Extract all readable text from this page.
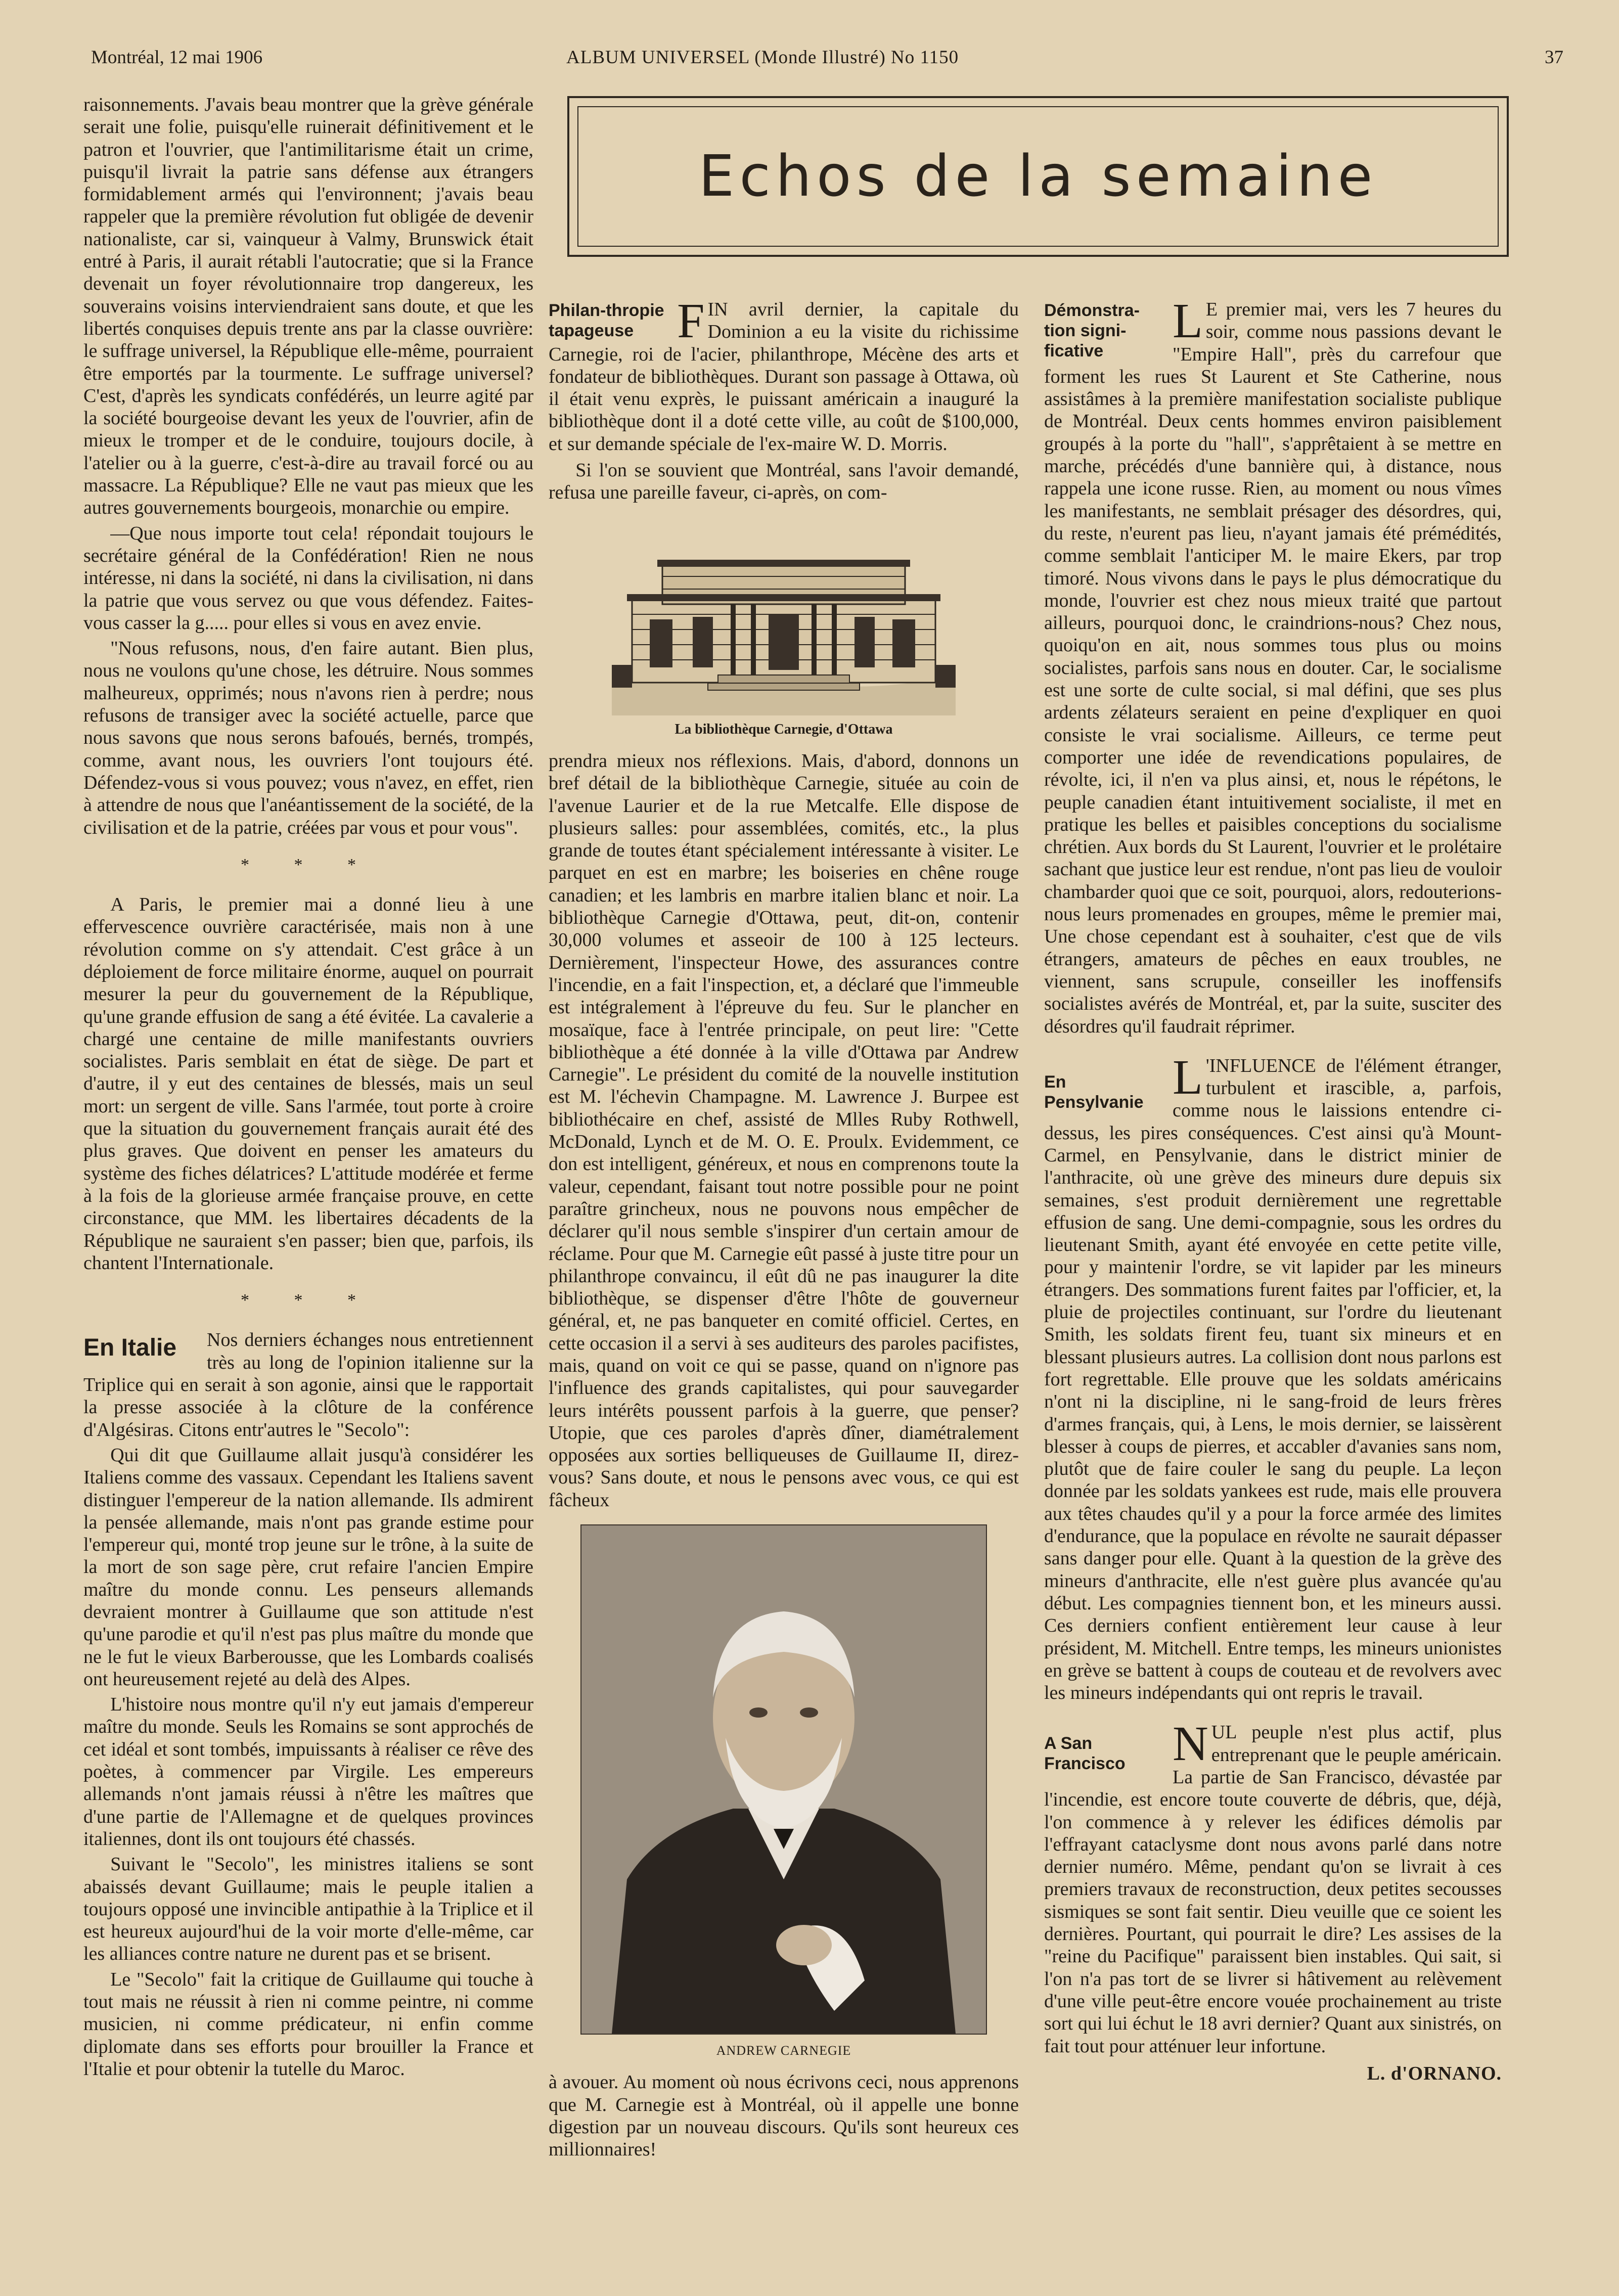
Montréal, 12 mai 1906	ALBUM UNIVERSEL (Monde Illustré) No 1150	37

raisonnements. J'avais beau montrer que la grève générale serait une folie, puisqu'elle ruinerait définitivement et le patron et l'ouvrier, que l'antimilitarisme était un crime, puisqu'il livrait la patrie sans défense aux étrangers formidablement armés qui l'environnent; j'avais beau rappeler que la première révolution fut obligée de devenir nationaliste, car si, vainqueur à Valmy, Brunswick était entré à Paris, il aurait rétabli l'autocratie; que si la France devenait un foyer révolutionnaire trop dangereux, les souverains voisins interviendraient sans doute, et que les libertés conquises depuis trente ans par la classe ouvrière: le suffrage universel, la République elle-même, pourraient être emportés par la tourmente. Le suffrage universel? C'est, d'après les syndicats confédérés, un leurre agité par la société bourgeoise devant les yeux de l'ouvrier, afin de mieux le tromper et de le conduire, toujours docile, à l'atelier ou à la guerre, c'est-à-dire au travail forcé ou au massacre. La République? Elle ne vaut pas mieux que les autres gouvernements bourgeois, monarchie ou empire.

—Que nous importe tout cela! répondait toujours le secrétaire général de la Confédération! Rien ne nous intéresse, ni dans la société, ni dans la civilisation, ni dans la patrie que vous servez ou que vous défendez. Faites-vous casser la g..... pour elles si vous en avez envie.

"Nous refusons, nous, d'en faire autant. Bien plus, nous ne voulons qu'une chose, les détruire. Nous sommes malheureux, opprimés; nous n'avons rien à perdre; nous refusons de transiger avec la société actuelle, parce que nous savons que nous serons bafoués, bernés, trompés, comme, avant nous, les ouvriers l'ont toujours été. Défendez-vous si vous pouvez; vous n'avez, en effet, rien à attendre de nous que l'anéantissement de la société, de la civilisation et de la patrie, créées par vous et pour vous".

* * *

A Paris, le premier mai a donné lieu à une effervescence ouvrière caractérisée, mais non à une révolution comme on s'y attendait. C'est grâce à un déploiement de force militaire énorme, auquel on pourrait mesurer la peur du gouvernement de la République, qu'une grande effusion de sang a été évitée. La cavalerie a chargé une centaine de mille manifestants ouvriers socialistes. Paris semblait en état de siège. De part et d'autre, il y eut des centaines de blessés, mais un seul mort: un sergent de ville. Sans l'armée, tout porte à croire que la situation du gouvernement français aurait été des plus graves. Que doivent en penser les amateurs du système des fiches délatrices? L'attitude modérée et ferme à la fois de la glorieuse armée française prouve, en cette circonstance, que MM. les libertaires décadents de la République ne sauraient s'en passer; bien que, parfois, ils chantent l'Internationale.

* * *

En Italie	Nos derniers échanges nous entretiennent très au long de l'opinion italienne sur la Triplice qui en serait à son agonie, ainsi que le rapportait la presse associée à la clôture de la conférence d'Algésiras. Citons entr'autres le "Secolo":

Qui dit que Guillaume allait jusqu'à considérer les Italiens comme des vassaux. Cependant les Italiens savent distinguer l'empereur de la nation allemande. Ils admirent la pensée allemande, mais n'ont pas grande estime pour l'empereur qui, monté trop jeune sur le trône, à la suite de la mort de son sage père, crut refaire l'ancien Empire maître du monde connu. Les penseurs allemands devraient montrer à Guillaume que son attitude n'est qu'une parodie et qu'il n'est pas plus maître du monde que ne le fut le vieux Barberousse, que les Lombards coalisés ont heureusement rejeté au delà des Alpes.

L'histoire nous montre qu'il n'y eut jamais d'empereur maître du monde. Seuls les Romains se sont approchés de cet idéal et sont tombés, impuissants à réaliser ce rêve des poètes, à commencer par Virgile. Les empereurs allemands n'ont jamais réussi à n'être les maîtres que d'une partie de l'Allemagne et de quelques provinces italiennes, dont ils ont toujours été chassés.

Suivant le "Secolo", les ministres italiens se sont abaissés devant Guillaume; mais le peuple italien a toujours opposé une invincible antipathie à la Triplice et il est heureux aujourd'hui de la voir morte d'elle-même, car les alliances contre nature ne durent pas et se brisent.

Le "Secolo" fait la critique de Guillaume qui touche à tout mais ne réussit à rien ni comme peintre, ni comme musicien, ni comme prédicateur, ni enfin comme diplomate dans ses efforts pour brouiller la France et l'Italie et pour obtenir la tutelle du Maroc.

Echos de la semaine

Philan-thropie tapageuse F IN avril dernier, la capitale du Dominion a eu la visite du richissime Carnegie, roi de l'acier, philanthrope, Mécène des arts et fondateur de bibliothèques. Durant son passage à Ottawa, où il était venu exprès, le puissant américain a inauguré la bibliothèque dont il a doté cette ville, au coût de $100,000, et sur demande spéciale de l'ex-maire W. D. Morris.

Si l'on se souvient que Montréal, sans l'avoir demandé, refusa une pareille faveur, ci-après, on com-

La bibliothèque Carnegie, d'Ottawa

prendra mieux nos réflexions. Mais, d'abord, donnons un bref détail de la bibliothèque Carnegie, située au coin de l'avenue Laurier et de la rue Metcalfe. Elle dispose de plusieurs salles: pour assemblées, comités, etc., la plus grande de toutes étant spécialement intéressante à visiter. Le parquet en est en marbre; les boiseries en chêne rouge canadien; et les lambris en marbre italien blanc et noir. La bibliothèque Carnegie d'Ottawa, peut, dit-on, contenir 30,000 volumes et asseoir de 100 à 125 lecteurs. Dernièrement, l'inspecteur Howe, des assurances contre l'incendie, en a fait l'inspection, et, a déclaré que l'immeuble est intégralement à l'épreuve du feu. Sur le plancher en mosaïque, face à l'entrée principale, on peut lire: "Cette bibliothèque a été donnée à la ville d'Ottawa par Andrew Carnegie". Le président du comité de la nouvelle institution est M. l'échevin Champagne. M. Lawrence J. Burpee est bibliothécaire en chef, assisté de Mlles Ruby Rothwell, McDonald, Lynch et de M. O. E. Proulx. Evidemment, ce don est intelligent, généreux, et nous en comprenons toute la valeur, cependant, faisant tout notre possible pour ne point paraître grincheux, nous ne pouvons nous empêcher de déclarer qu'il nous semble s'inspirer d'un certain amour de réclame. Pour que M. Carnegie eût passé à juste titre pour un philanthrope convaincu, il eût dû ne pas inaugurer la dite bibliothèque, se dispenser d'être l'hôte de gouverneur général, et, ne pas banqueter en comité officiel. Certes, en cette occasion il a servi à ses auditeurs des paroles pacifistes, mais, quand on voit ce qui se passe, quand on n'ignore pas l'influence des grands capitalistes, qui pour sauvegarder leurs intérêts poussent parfois à la guerre, que penser? Utopie, que ces paroles d'après dîner, diamétralement opposées aux sorties belliqueuses de Guillaume II, direz-vous? Sans doute, et nous le pensons avec vous, ce qui est fâcheux

ANDREW CARNEGIE

à avouer. Au moment où nous écrivons ceci, nous apprenons que M. Carnegie est à Montréal, où il appelle une bonne digestion par un nouveau discours. Qu'ils sont heureux ces millionnaires!

Démonstra-tion signi-ficative
L E premier mai, vers les 7 heures du soir, comme nous passions devant le "Empire Hall", près du carrefour que forment les rues St Laurent et Ste Catherine, nous assistâmes à la première manifestation socialiste publique de Montréal. Deux cents hommes environ paisiblement groupés à la porte du "hall", s'apprêtaient à se mettre en marche, précédés d'une bannière qui, à distance, nous rappela une icone russe. Rien, au moment ou nous vîmes les manifestants, ne semblait présager des désordres, qui, du reste, n'eurent pas lieu, n'ayant jamais été prémédités, comme semblait l'anticiper M. le maire Ekers, par trop timoré. Nous vivons dans le pays le plus démocratique du monde, l'ouvrier est chez nous mieux traité que partout ailleurs, pourquoi donc, le craindrions-nous? Chez nous, quoiqu'on en ait, nous sommes tous plus ou moins socialistes, parfois sans nous en douter. Car, le socialisme est une sorte de culte social, si mal défini, que ses plus ardents zélateurs seraient en peine d'expliquer en quoi consiste le vrai socialisme. Ailleurs, ce terme peut comporter une idée de revendications populaires, de révolte, ici, il n'en va plus ainsi, et, nous le répétons, le peuple canadien étant intuitivement socialiste, il met en pratique les belles et paisibles conceptions du socialisme chrétien. Aux bords du St Laurent, l'ouvrier et le prolétaire sachant que justice leur est rendue, n'ont pas lieu de vouloir chambarder quoi que ce soit, pourquoi, alors, redouterions-nous leurs promenades en groupes, même le premier mai, Une chose cependant est à souhaiter, c'est que de vils étrangers, amateurs de pêches en eaux troubles, ne viennent, sans scrupule, conseiller les inoffensifs socialistes avérés de Montréal, et, par la suite, susciter des désordres qu'il faudrait réprimer.

En Pensylvanie L 'INFLUENCE de l'élément étranger, turbulent et irascible, a, parfois, comme nous le laissions entendre ci-dessus, les pires conséquences. C'est ainsi qu'à Mount-Carmel, en Pensylvanie, dans le district minier de l'anthracite, où une grève des mineurs dure depuis six semaines, s'est produit dernièrement une regrettable effusion de sang. Une demi-compagnie, sous les ordres du lieutenant Smith, ayant été envoyée en cette petite ville, pour y maintenir l'ordre, se vit lapider par les mineurs étrangers. Des sommations furent faites par l'officier, et, la pluie de projectiles continuant, sur l'ordre du lieutenant Smith, les soldats firent feu, tuant six mineurs et en blessant plusieurs autres. La collision dont nous parlons est fort regrettable. Elle prouve que les soldats américains n'ont ni la discipline, ni le sang-froid de leurs frères d'armes français, qui, à Lens, le mois dernier, se laissèrent blesser à coups de pierres, et accabler d'avanies sans nom, plutôt que de faire couler le sang du peuple. La leçon donnée par les soldats yankees est rude, mais elle prouvera aux têtes chaudes qu'il y a pour la force armée des limites d'endurance, que la populace en révolte ne saurait dépasser sans danger pour elle. Quant à la question de la grève des mineurs d'anthracite, elle n'est guère plus avancée qu'au début. Les compagnies tiennent bon, et les mineurs aussi. Ces derniers confient entièrement leur cause à leur président, M. Mitchell. Entre temps, les mineurs unionistes en grève se battent à coups de couteau et de revolvers avec les mineurs indépendants qui ont repris le travail.

A San Francisco N UL peuple n'est plus actif, plus entreprenant que le peuple américain. La partie de San Francisco, dévastée par l'incendie, est encore toute couverte de débris, que, déjà, l'on commence à y relever les édifices démolis par l'effrayant cataclysme dont nous avons parlé dans notre dernier numéro. Même, pendant qu'on se livrait à ces premiers travaux de reconstruction, deux petites secousses sismiques se sont fait sentir. Dieu veuille que ce soient les dernières. Pourtant, qui pourrait le dire? Les assises de la "reine du Pacifique" paraissent bien instables. Qui sait, si l'on n'a pas tort de se livrer si hâtivement au relèvement d'une ville peut-être encore vouée prochainement au triste sort qui lui échut le 18 avri dernier? Quant aux sinistrés, on fait tout pour atténuer leur infortune.

L. d'ORNANO.
